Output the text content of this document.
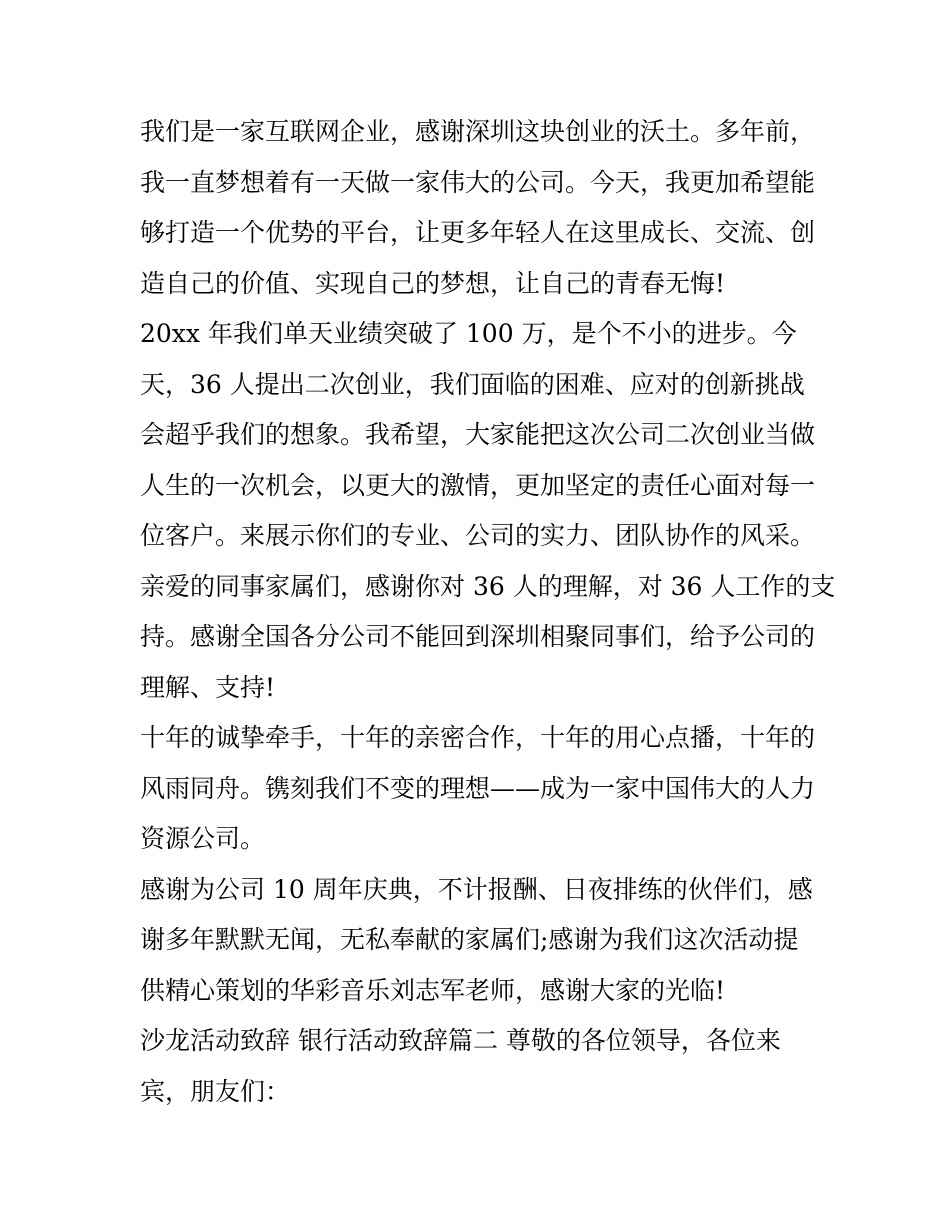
我们是一家互联网企业，感谢深圳这块创业的沃土。多年前，
我一直梦想着有一天做一家伟大的公司。今天，我更加希望能
够打造一个优势的平台，让更多年轻人在这里成长、交流、创
造自己的价值、实现自己的梦想，让自己的青春无悔!
20xx 年我们单天业绩突破了 100 万，是个不小的进步。今
天，36 人提出二次创业，我们面临的困难、应对的创新挑战
会超乎我们的想象。我希望，大家能把这次公司二次创业当做
人生的一次机会，以更大的激情，更加坚定的责任心面对每一
位客户。来展示你们的专业、公司的实力、团队协作的风采。
亲爱的同事家属们，感谢你对 36 人的理解，对 36 人工作的支
持。感谢全国各分公司不能回到深圳相聚同事们，给予公司的
理解、支持!
十年的诚挚牵手，十年的亲密合作，十年的用心点播，十年的
风雨同舟。镌刻我们不变的理想——成为一家中国伟大的人力
资源公司。
感谢为公司 10 周年庆典，不计报酬、日夜排练的伙伴们，感
谢多年默默无闻，无私奉献的家属们;感谢为我们这次活动提
供精心策划的华彩音乐刘志军老师，感谢大家的光临!
沙龙活动致辞 银行活动致辞篇二 尊敬的各位领导，各位来
宾，朋友们：
